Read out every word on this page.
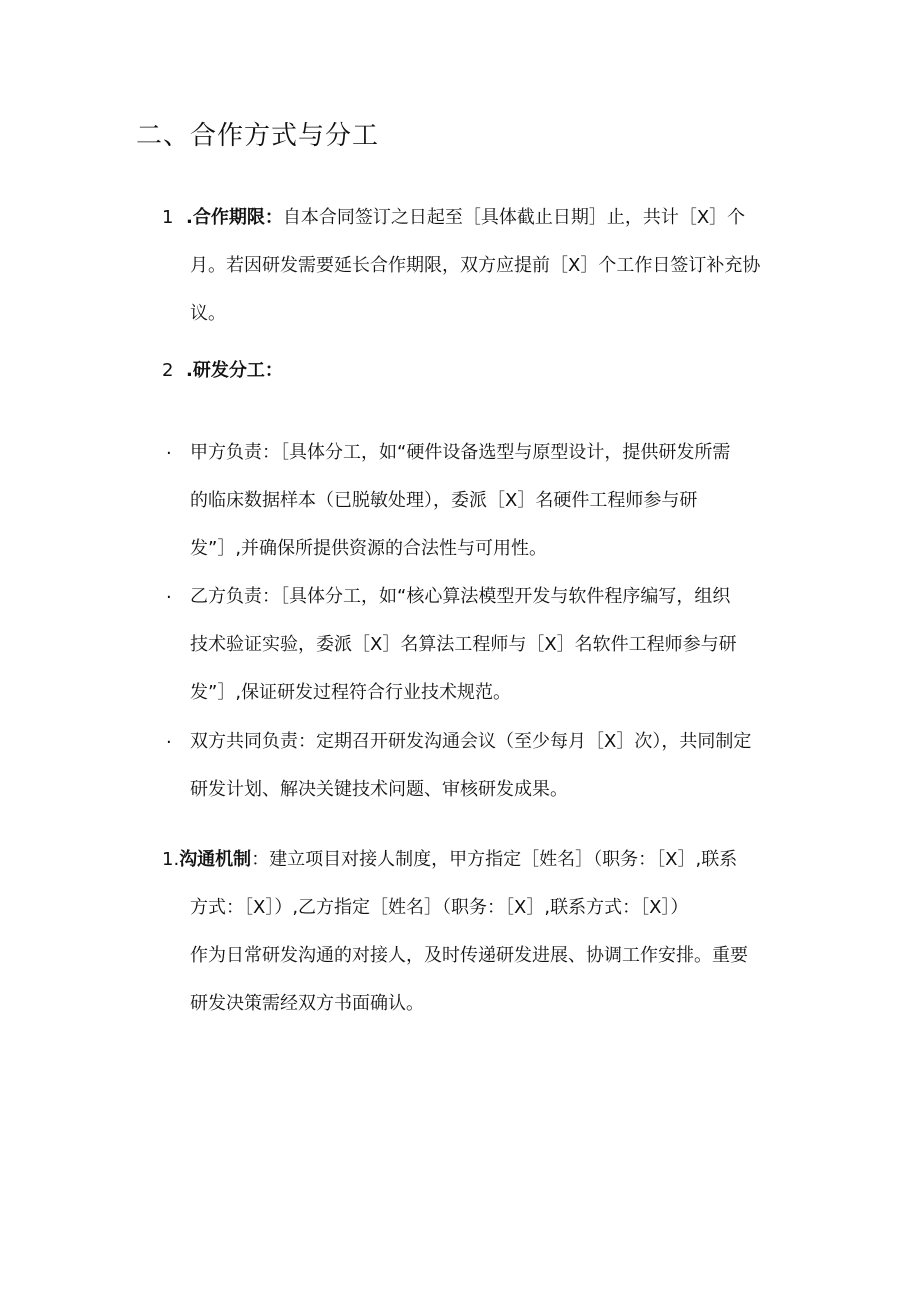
二、合作方式与分工
1 .合作期限：自本合同签订之日起至［具体截止日期］止，共计［X］个
月。若因研发需要延长合作期限，双方应提前［X］个工作日签订补充协
议。
2 .研发分工：
· 甲方负责：［具体分工，如“硬件设备选型与原型设计，提供研发所需
的临床数据样本（已脱敏处理），委派［X］名硬件工程师参与研
发”］,并确保所提供资源的合法性与可用性。
· 乙方负责：［具体分工，如“核心算法模型开发与软件程序编写，组织
技术验证实验，委派［X］名算法工程师与［X］名软件工程师参与研
发”］,保证研发过程符合行业技术规范。
· 双方共同负责：定期召开研发沟通会议（至少每月［X］次），共同制定
研发计划、解决关键技术问题、审核研发成果。
1.沟通机制：建立项目对接人制度，甲方指定［姓名］（职务：［X］,联系
方式：［X］）,乙方指定［姓名］（职务：［X］,联系方式：［X］）
作为日常研发沟通的对接人，及时传递研发进展、协调工作安排。重要
研发决策需经双方书面确认。
